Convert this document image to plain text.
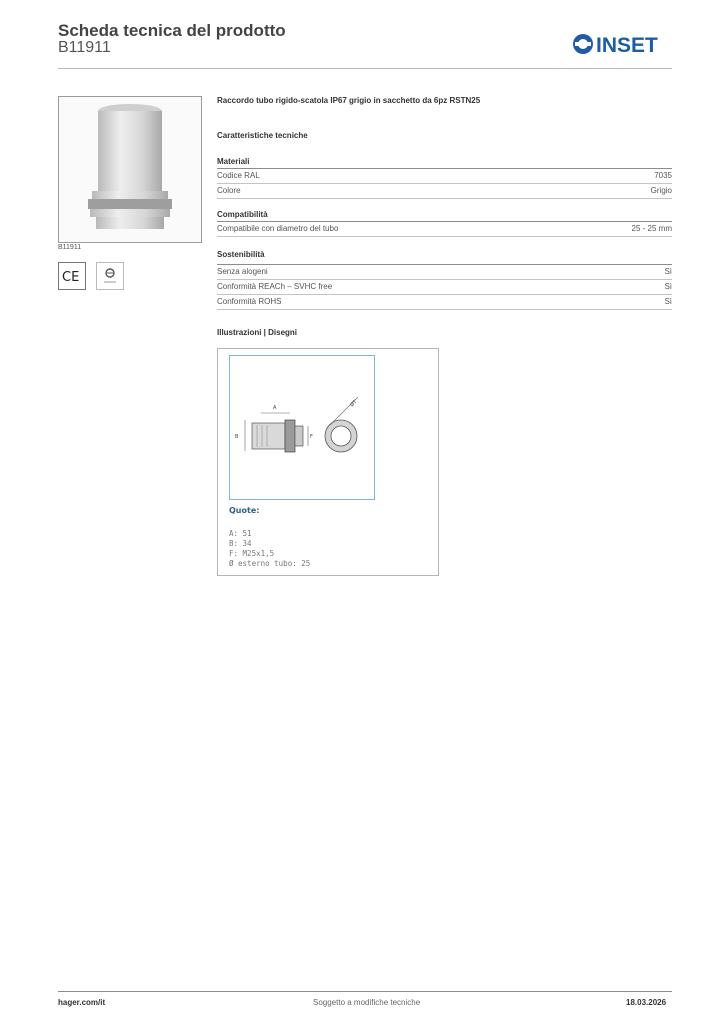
Scheda tecnica del prodotto
B11911	INSET
B11911
CE
Raccordo tubo rigido-scatola IP67 grigio in sacchetto da 6pz RSTN25
Caratteristiche tecniche
Materiali
Codice RAL	7035
Colore	Grigio
Compatibilità
Compatibile con diametro del tubo	25 - 25 mm
Sostenibilità
Senza alogeni	Sì
Conformità REACh – SVHC free	Sì
Conformità ROHS	Sì
Illustrazioni | Disegni
A
B	F
ØT
Quote:
A: 51
B: 34
F: M25x1,5
Ø esterno tubo: 25
hager.com/it	Soggetto a modifiche tecniche	18.03.2026
